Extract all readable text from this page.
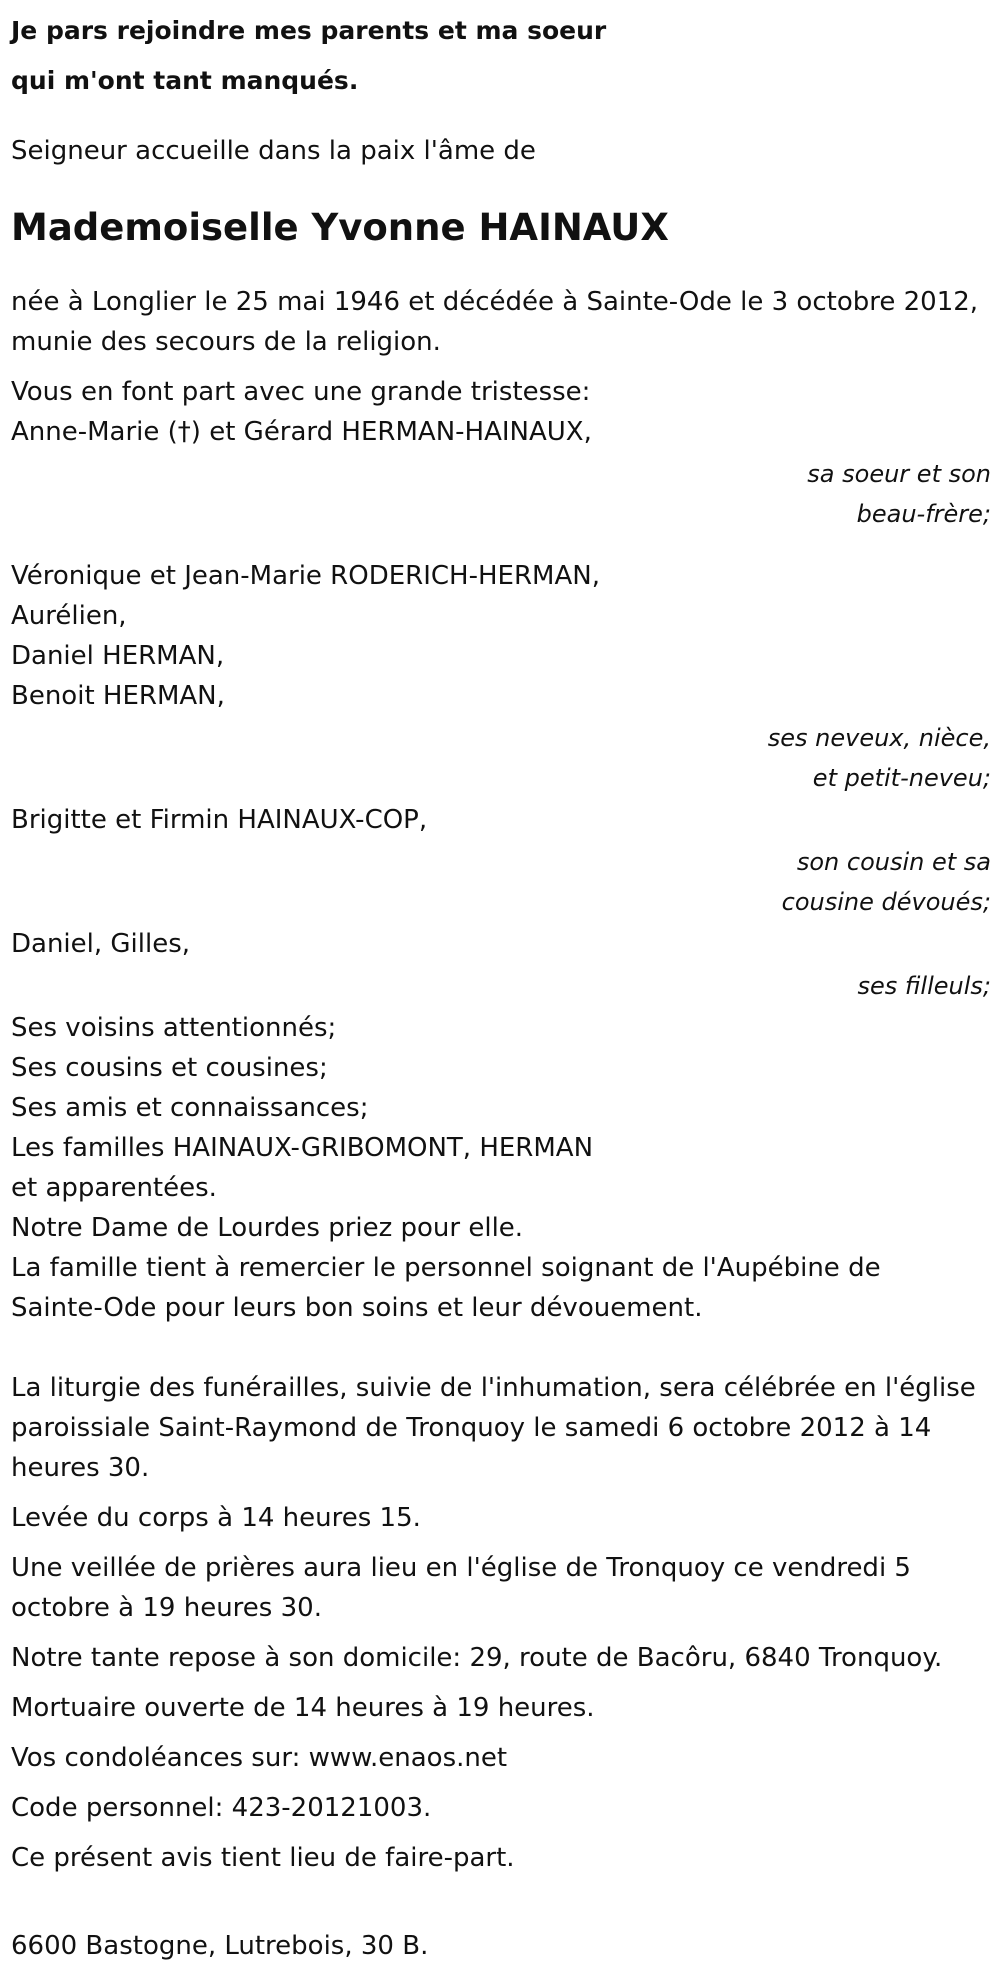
Je pars rejoindre mes parents et ma soeur
qui m'ont tant manqués.

Seigneur accueille dans la paix l'âme de

Mademoiselle Yvonne HAINAUX
née à Longlier le 25 mai 1946 et décédée à Sainte-Ode le 3 octobre 2012,
munie des secours de la religion.

Vous en font part avec une grande tristesse:

Anne-Marie (†) et Gérard HERMAN-HAINAUX,
sa soeur et son
beau-frère;
Véronique et Jean-Marie RODERICH-HERMAN,
Aurélien,
Daniel HERMAN,
Benoit HERMAN,
ses neveux, nièce,
et petit-neveu;
Brigitte et Firmin HAINAUX-COP,
son cousin et sa
cousine dévoués;
Daniel, Gilles,
ses filleuls;
Ses voisins attentionnés;
Ses cousins et cousines;
Ses amis et connaissances;
Les familles HAINAUX-GRIBOMONT, HERMAN
et apparentées.
Notre Dame de Lourdes priez pour elle.
La famille tient à remercier le personnel soignant de l'Aupébine de
Sainte-Ode pour leurs bon soins et leur dévouement.
La liturgie des funérailles, suivie de l'inhumation, sera célébrée en l'église
paroissiale Saint-Raymond de Tronquoy le samedi 6 octobre 2012 à 14
heures 30.

Levée du corps à 14 heures 15.

Une veillée de prières aura lieu en l'église de Tronquoy ce vendredi 5
octobre à 19 heures 30.

Notre tante repose à son domicile: 29, route de Bacôru, 6840 Tronquoy.

Mortuaire ouverte de 14 heures à 19 heures.

Vos condoléances sur: www.enaos.net

Code personnel: 423-20121003.

Ce présent avis tient lieu de faire-part.

6600 Bastogne, Lutrebois, 30 B.
